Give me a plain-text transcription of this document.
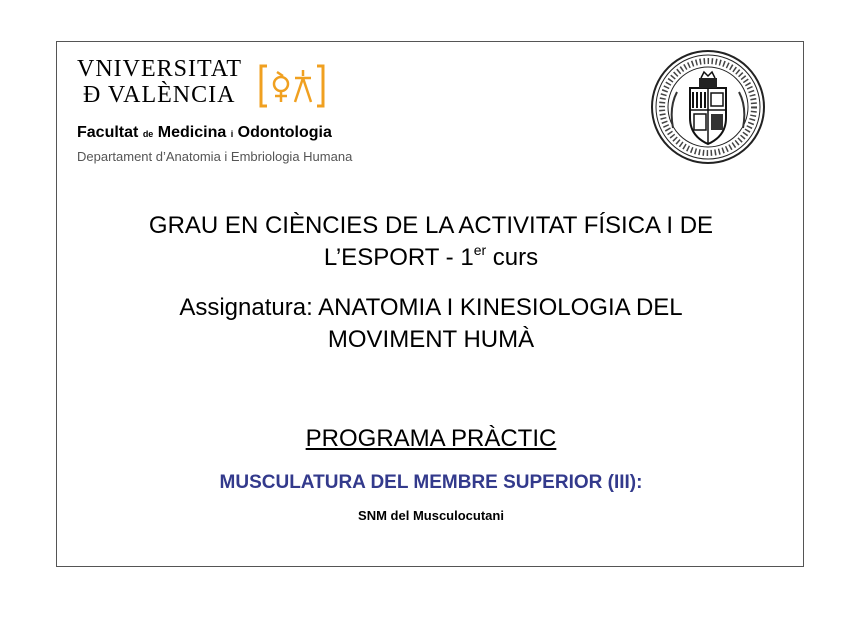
VNIVERSITAT
Ð VALÈNCIA
Facultat de Medicina i Odontologia
Departament d’Anatomia i Embriologia Humana
GRAU EN CIÈNCIES DE LA ACTIVITAT FÍSICA I DE
L’ESPORT - 1er curs
Assignatura: ANATOMIA I KINESIOLOGIA DEL
MOVIMENT HUMÀ
PROGRAMA PRÀCTIC
MUSCULATURA DEL MEMBRE SUPERIOR (III):
SNM del Musculocutani
